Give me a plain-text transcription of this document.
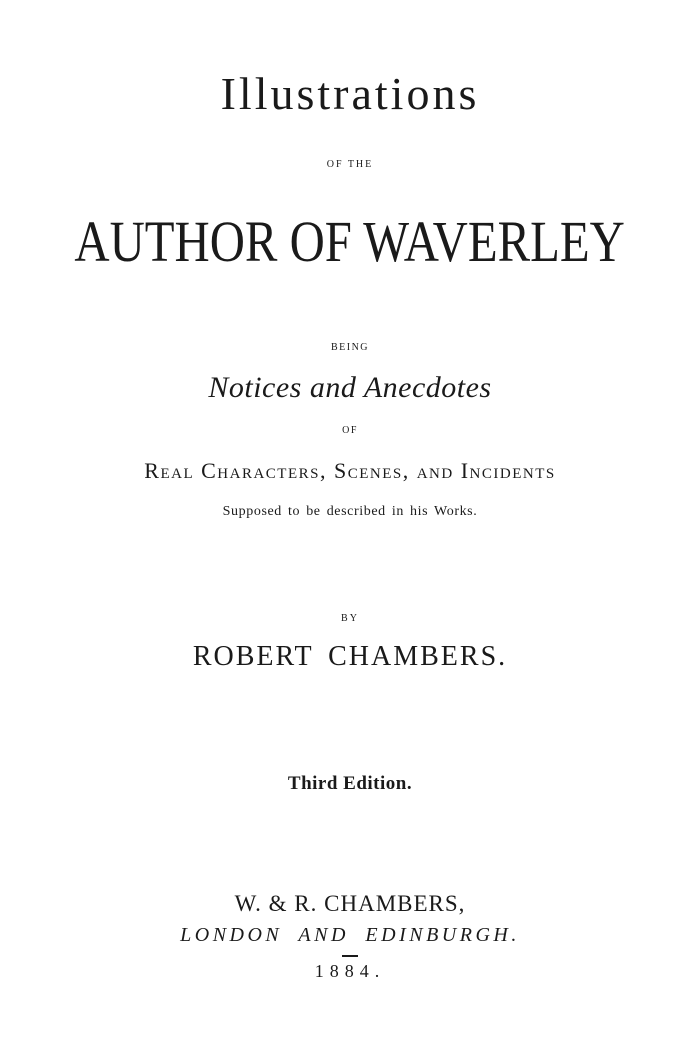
Illustrations

OF THE

AUTHOR OF WAVERLEY

BEING

Notices and Anecdotes

OF

Real Characters, Scenes, and Incidents

Supposed to be described in his Works.

BY

ROBERT CHAMBERS.

Third Edition.

W. & R. CHAMBERS,

LONDON AND EDINBURGH.

1884.
